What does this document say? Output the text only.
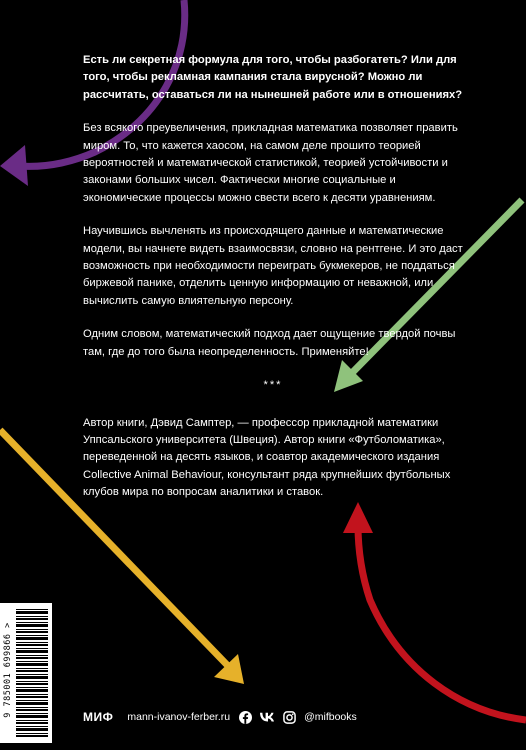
Есть ли секретная формула для того, чтобы разбогатеть? Или для того, чтобы рекламная кампания стала вирусной? Можно ли рассчитать, оставаться ли на нынешней работе или в отношениях?

Без всякого преувеличения, прикладная математика позволяет править миром. То, что кажется хаосом, на самом деле прошито теорией вероятностей и математической статистикой, теорией устойчивости и законами больших чисел. Фактически многие социальные и экономические процессы можно свести всего к десяти уравнениям.

Научившись вычленять из происходящего данные и математические модели, вы начнете видеть взаимосвязи, словно на рентгене. И это даст возможность при необходимости переиграть букмекеров, не поддаться биржевой панике, отделить ценную информацию от неважной, или вычислить самую влиятельную персону.

Одним словом, математический подход дает ощущение твердой почвы там, где до того была неопределенность. Применяйте!

***

Автор книги, Дэвид Самптер, — профессор прикладной математики Уппсальского университета (Швеция). Автор книги «Футболоматика», переведенной на десять языков, и соавтор академического издания Collective Animal Behaviour, консультант ряда крупнейших футбольных клубов мира по вопросам аналитики и ставок.

9 785001 699866 >	МИФ mann-ivanov-ferber.ru	@mifbooks
